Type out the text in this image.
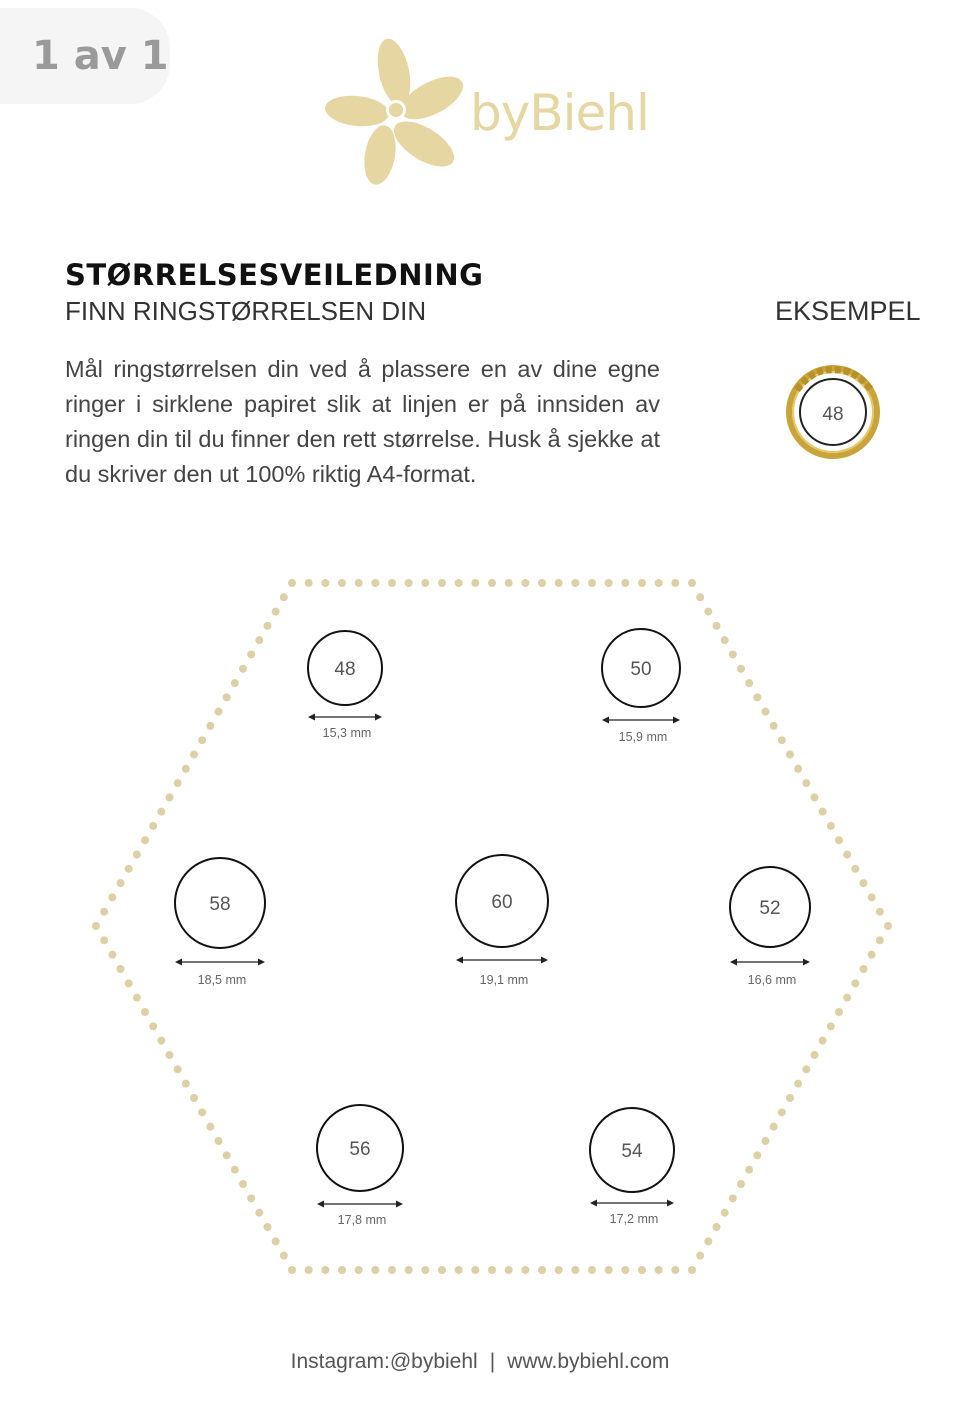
1 av 1
byBiehl
STØRRELSESVEILEDNING
FINN RINGSTØRRELSEN DIN	EKSEMPEL
Mål ringstørrelsen din ved å plassere en av dine egne ringer i sirklene papiret slik at linjen er på innsiden av ringen din til du finner den rett størrelse. Husk å sjekke at du skriver den ut 100% riktig A4-format.
48
48
15,3 mm
50
15,9 mm
58
18,5 mm
60
19,1 mm
52
16,6 mm
56
17,8 mm
54
17,2 mm
Instagram:@bybiehl | www.bybiehl.com
